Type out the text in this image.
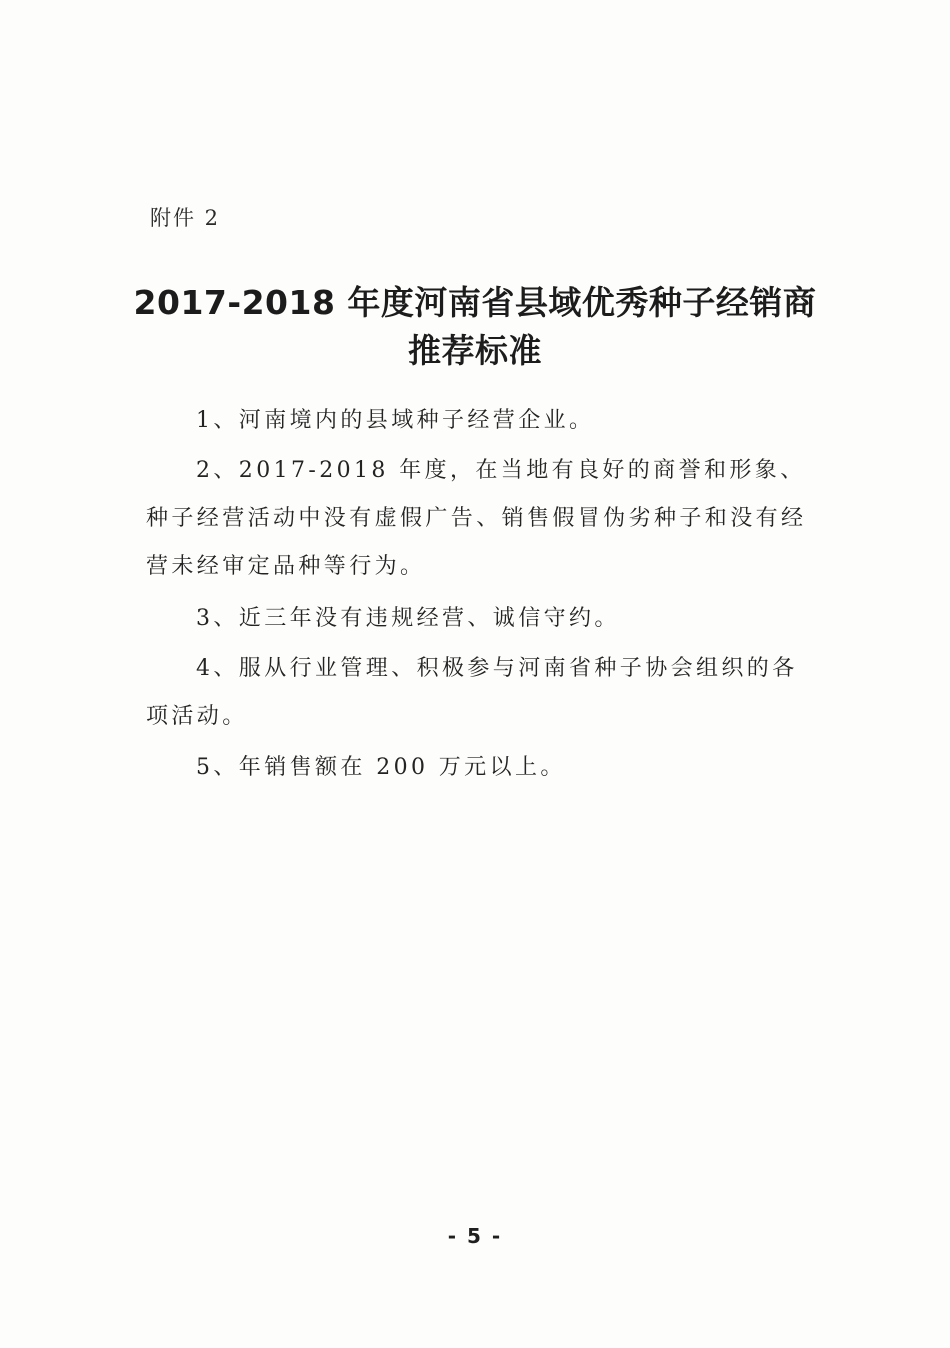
附件 2
2017-2018 年度河南省县域优秀种子经销商
推荐标准
1、河南境内的县域种子经营企业。
2、2017-2018 年度，在当地有良好的商誉和形象、种子经营活动中没有虚假广告、销售假冒伪劣种子和没有经营未经审定品种等行为。
3、近三年没有违规经营、诚信守约。
4、服从行业管理、积极参与河南省种子协会组织的各项活动。
5、年销售额在 200 万元以上。
- 5 -
